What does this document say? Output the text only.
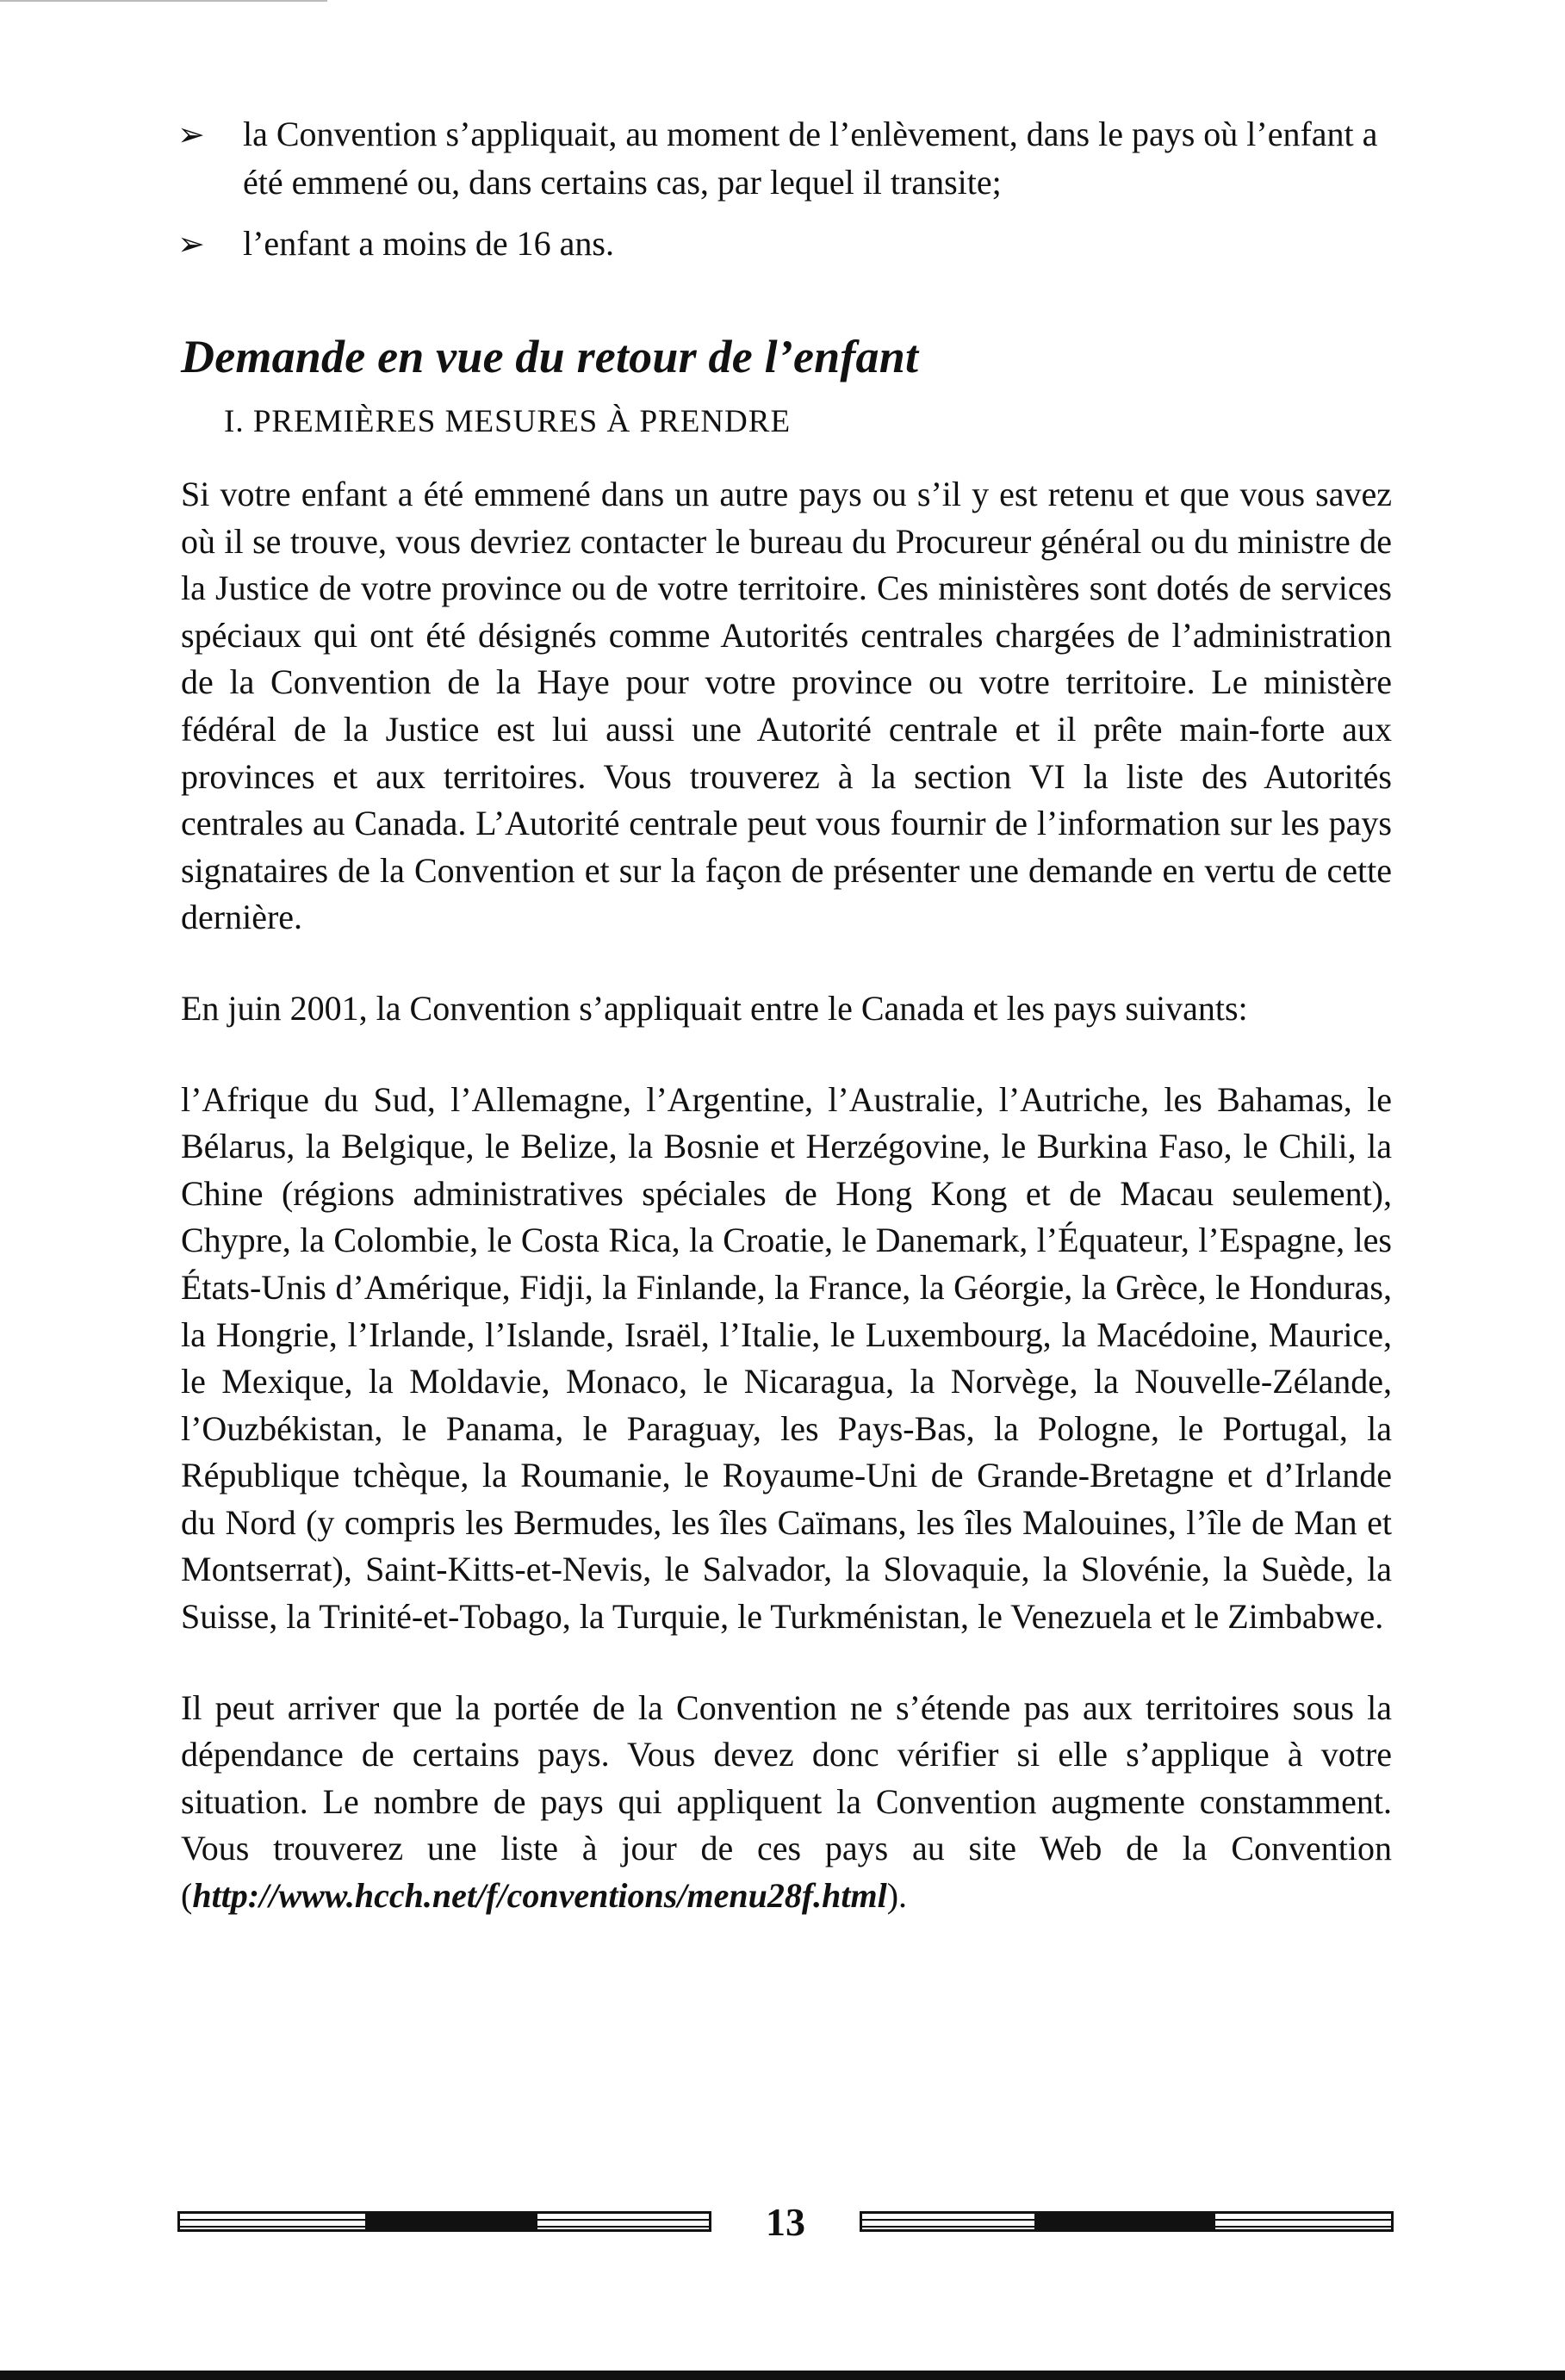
➢ la Convention s’appliquait, au moment de l’enlèvement, dans le pays où l’enfant a été emmené ou, dans certains cas, par lequel il transite;
➢ l’enfant a moins de 16 ans.
Demande en vue du retour de l’enfant
I. PREMIÈRES MESURES À PRENDRE

Si votre enfant a été emmené dans un autre pays ou s’il y est retenu et que vous savez où il se trouve, vous devriez contacter le bureau du Procureur général ou du ministre de la Justice de votre province ou de votre territoire. Ces ministères sont dotés de services spéciaux qui ont été désignés comme Autorités centrales chargées de l’administration de la Convention de la Haye pour votre province ou votre territoire. Le ministère fédéral de la Justice est lui aussi une Autorité centrale et il prête main-forte aux provinces et aux territoires. Vous trouverez à la section VI la liste des Autorités centrales au Canada. L’Autorité centrale peut vous fournir de l’information sur les pays signataires de la Convention et sur la façon de présenter une demande en vertu de cette dernière.

En juin 2001, la Convention s’appliquait entre le Canada et les pays suivants:

l’Afrique du Sud, l’Allemagne, l’Argentine, l’Australie, l’Autriche, les Bahamas, le Bélarus, la Belgique, le Belize, la Bosnie et Herzégovine, le Burkina Faso, le Chili, la Chine (régions administratives spéciales de Hong Kong et de Macau seulement), Chypre, la Colombie, le Costa Rica, la Croatie, le Danemark, l’Équateur, l’Espagne, les États-Unis d’Amérique, Fidji, la Finlande, la France, la Géorgie, la Grèce, le Honduras, la Hongrie, l’Irlande, l’Islande, Israël, l’Italie, le Luxembourg, la Macédoine, Maurice, le Mexique, la Moldavie, Monaco, le Nicaragua, la Norvège, la Nouvelle-Zélande, l’Ouzbékistan, le Panama, le Paraguay, les Pays-Bas, la Pologne, le Portugal, la République tchèque, la Roumanie, le Royaume-Uni de Grande-Bretagne et d’Irlande du Nord (y compris les Bermudes, les îles Caïmans, les îles Malouines, l’île de Man et Montserrat), Saint-Kitts-et-Nevis, le Salvador, la Slovaquie, la Slovénie, la Suède, la Suisse, la Trinité-et-Tobago, la Turquie, le Turkménistan, le Venezuela et le Zimbabwe.

Il peut arriver que la portée de la Convention ne s’étende pas aux territoires sous la dépendance de certains pays. Vous devez donc vérifier si elle s’applique à votre situation. Le nombre de pays qui appliquent la Convention augmente constamment. Vous trouverez une liste à jour de ces pays au site Web de la Convention (http://www.hcch.net/f/conventions/menu28f.html).

13
